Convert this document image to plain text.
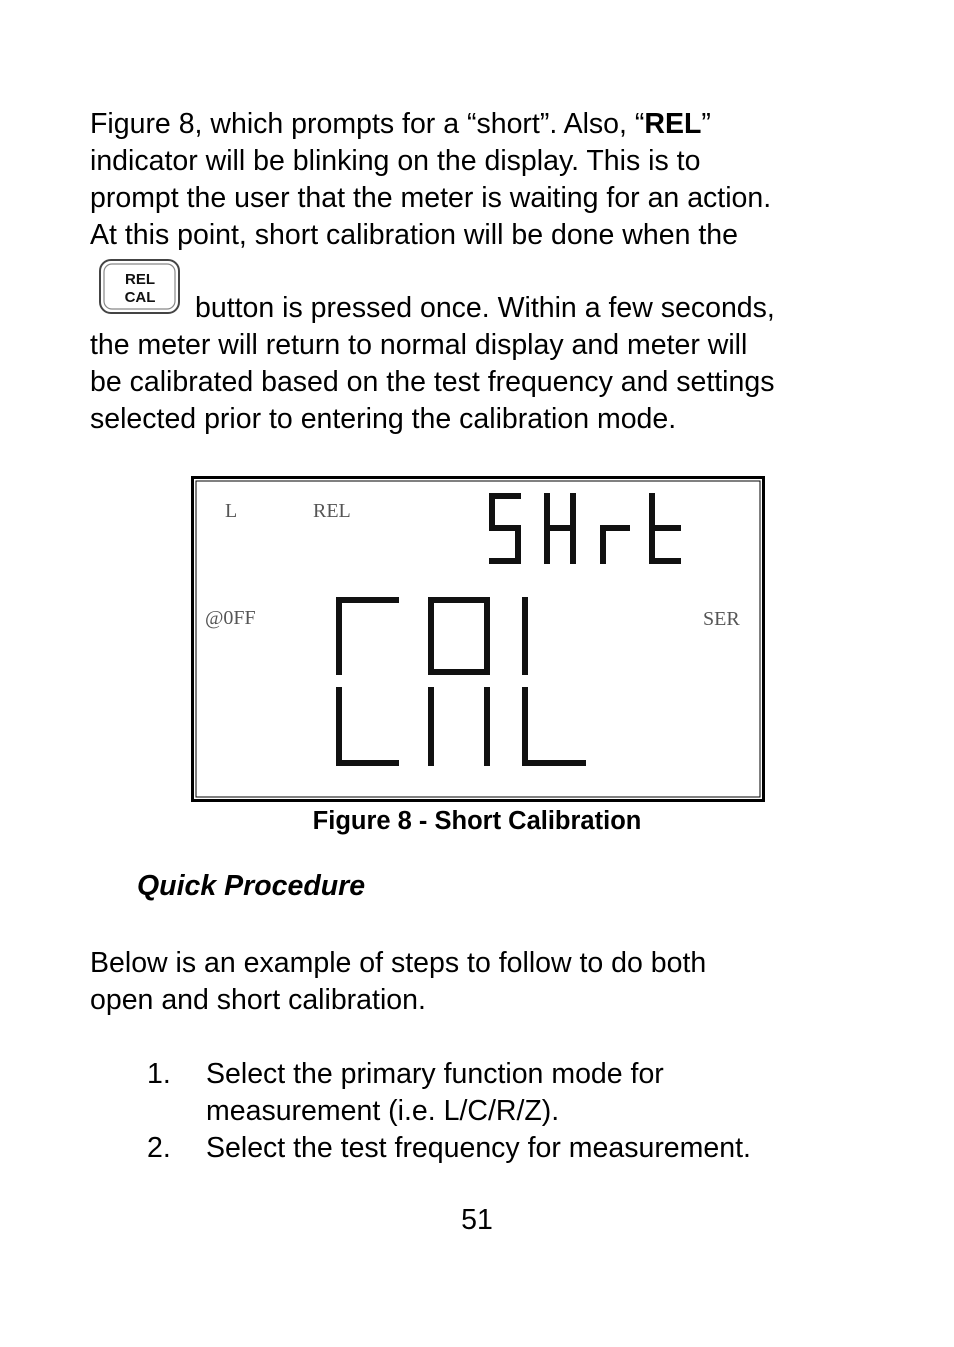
Figure 8, which prompts for a “short”. Also, “REL”
indicator will be blinking on the display. This is to
prompt the user that the meter is waiting for an action.
At this point, short calibration will be done when the
REL
CAL	button is pressed once. Within a few seconds,
the meter will return to normal display and meter will
be calibrated based on the test frequency and settings
selected prior to entering the calibration mode.
L	REL
@0FF	SER
Figure 8 - Short Calibration
Quick Procedure
Below is an example of steps to follow to do both
open and short calibration.
1. Select the primary function mode for
measurement (i.e. L/C/R/Z).
2. Select the test frequency for measurement.
51
